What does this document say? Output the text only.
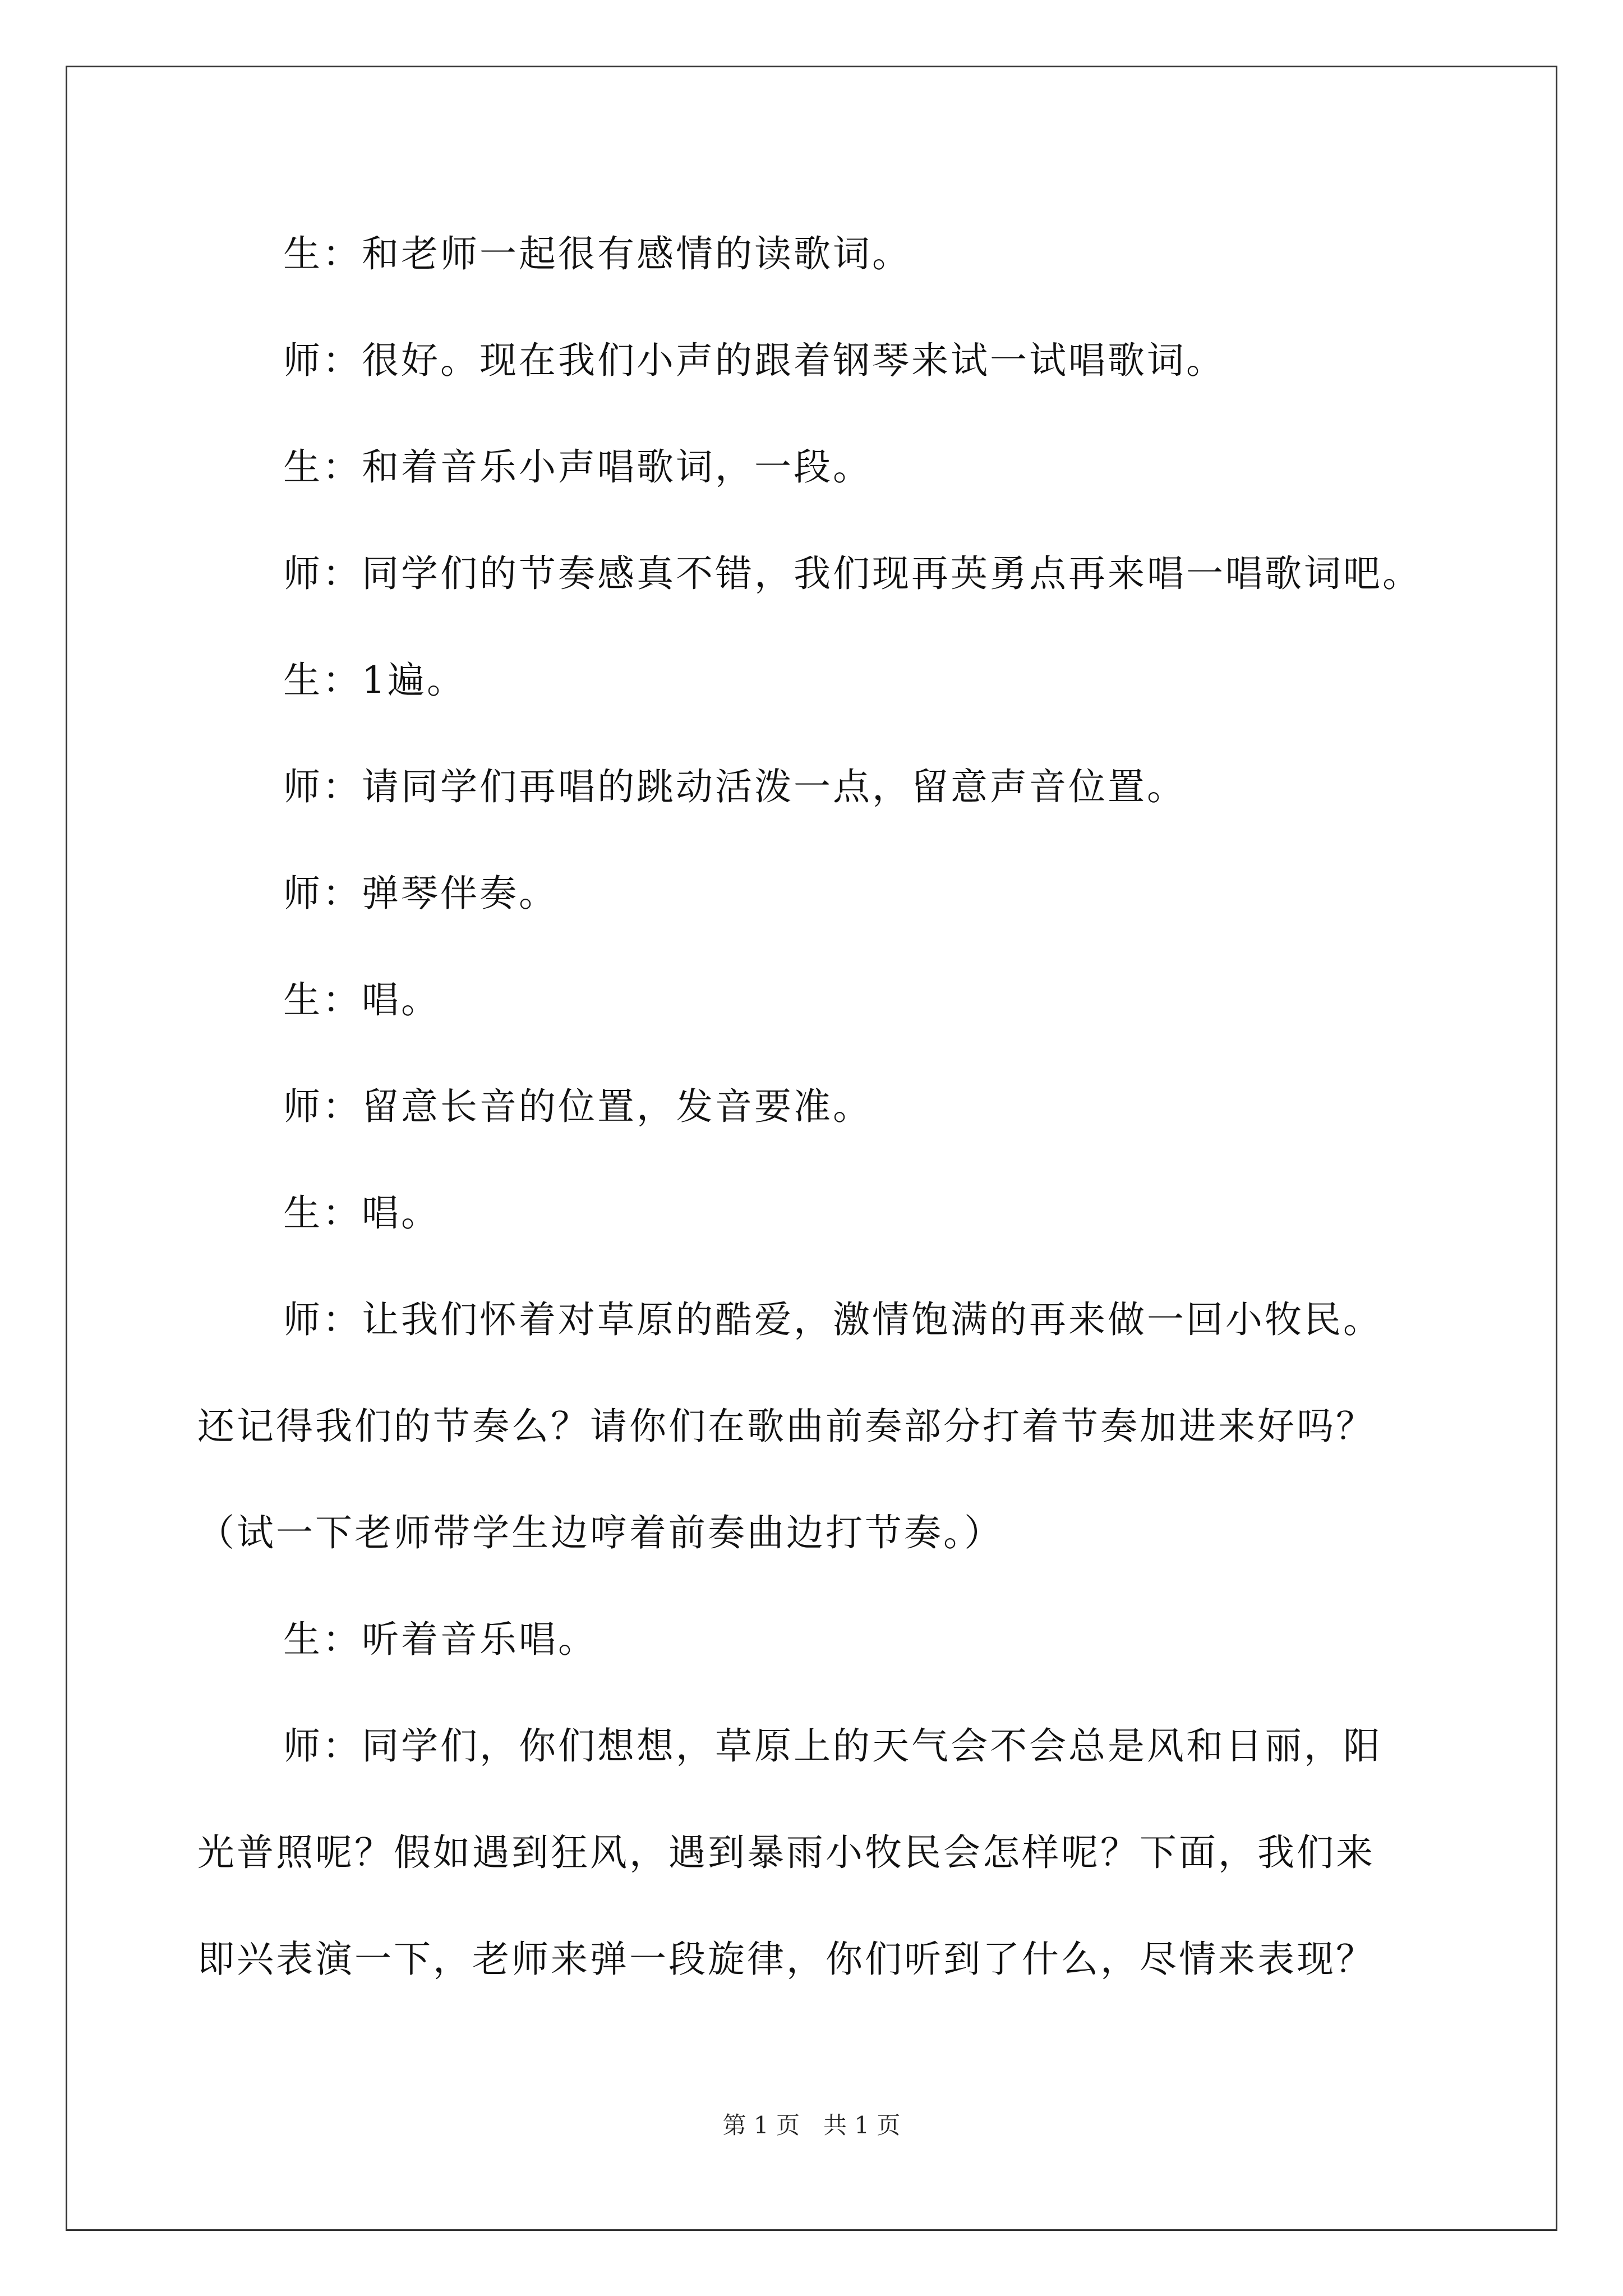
生：和老师一起很有感情的读歌词。
师：很好。现在我们小声的跟着钢琴来试一试唱歌词。
生：和着音乐小声唱歌词，一段。
师：同学们的节奏感真不错，我们现再英勇点再来唱一唱歌词吧。
生：1遍。
师：请同学们再唱的跳动活泼一点，留意声音位置。
师：弹琴伴奏。
生：唱。
师：留意长音的位置，发音要准。
生：唱。
师：让我们怀着对草原的酷爱，激情饱满的再来做一回小牧民。
还记得我们的节奏么？请你们在歌曲前奏部分打着节奏加进来好吗？
（试一下老师带学生边哼着前奏曲边打节奏。）
生：听着音乐唱。
师：同学们，你们想想，草原上的天气会不会总是风和日丽，阳
光普照呢？假如遇到狂风，遇到暴雨小牧民会怎样呢？下面，我们来
即兴表演一下，老师来弹一段旋律，你们听到了什么，尽情来表现？
第 1 页　共 1 页
